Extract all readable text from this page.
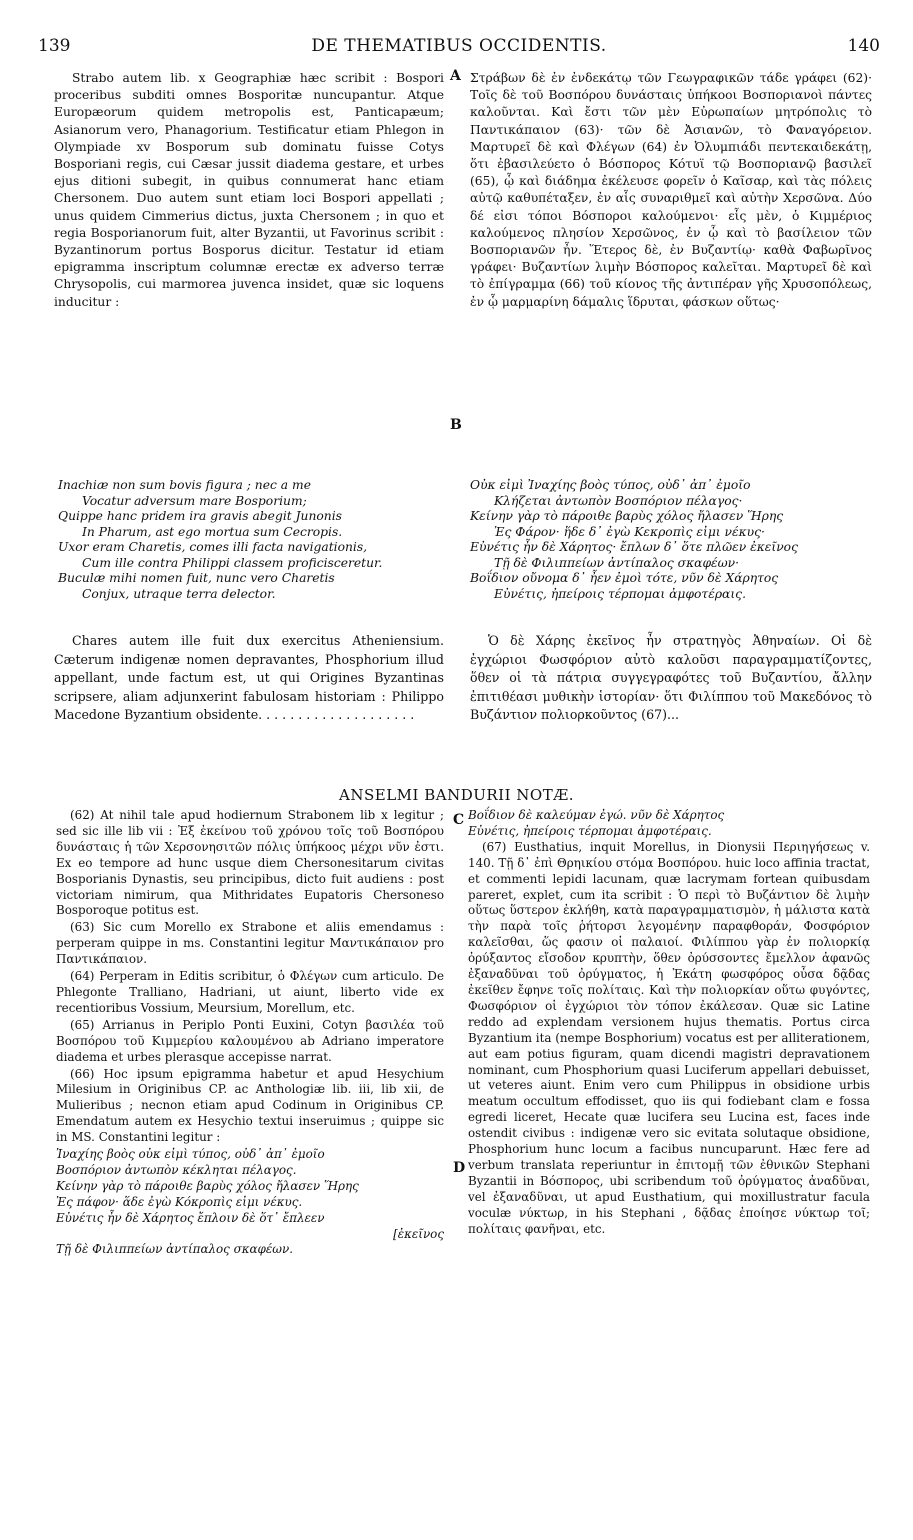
139	DE THEMATIBUS OCCIDENTIS.	140

Strabo autem lib. x Geographiæ hæc scribit : Bospori proceribus subditi omnes Bosporitæ nuncupantur. Atque Europæorum quidem metropolis est, Panticapæum; Asianorum vero, Phanagorium. Testificatur etiam Phlegon in Olympiade xv Bosporum sub dominatu fuisse Cotys Bosporiani regis, cui Cæsar jussit diadema gestare, et urbes ejus ditioni subegit, in quibus connumerat hanc etiam Chersonem. Duo autem sunt etiam loci Bospori appellati ; unus quidem Cimmerius dictus, juxta Chersonem ; in quo et regia Bosporianorum fuit, alter Byzantii, ut Favorinus scribit : Byzantinorum portus Bosporus dicitur. Testatur id etiam epigramma inscriptum columnæ erectæ ex adverso terræ Chrysopolis, cui marmorea juvenca insidet, quæ sic loquens inducitur :

A
B
C
D

Στράβων δὲ ἐν ἐνδεκάτῳ τῶν Γεωγραφικῶν τάδε γράφει (62)· Τοῖς δὲ τοῦ Βοσπόρου δυνάσταις ὑπήκοοι Βοσποριανοὶ πάντες καλοῦνται. Καὶ ἔστι τῶν μὲν Εὐρωπαίων μητρόπολις τὸ Παντικάπαιον (63)· τῶν δὲ Ἀσιανῶν, τὸ Φαναγόρειον. Μαρτυρεῖ δὲ καὶ Φλέγων (64) ἐν Ὀλυμπιάδι πεντεκαιδεκάτῃ, ὅτι ἐβασιλεύετο ὁ Βόσπορος Κότυϊ τῷ Βοσποριανῷ βασιλεῖ (65), ᾧ καὶ διάδημα ἐκέλευσε φορεῖν ὁ Καῖσαρ, καὶ τὰς πόλεις αὐτῷ καθυπέταξεν, ἐν αἷς συναριθμεῖ καὶ αὐτὴν Χερσῶνα. Δύο δέ εἰσι τόποι Βόσποροι καλούμενοι· εἷς μὲν, ὁ Κιμμέριος καλούμενος πλησίον Χερσῶνος, ἐν ᾧ καὶ τὸ βασίλειον τῶν Βοσποριανῶν ἦν. Ἕτερος δὲ, ἐν Βυζαντίῳ· καθὰ Φαβωρῖνος γράφει· Βυζαντίων λιμὴν Βόσπορος καλεῖται. Μαρτυρεῖ δὲ καὶ τὸ ἐπίγραμμα (66) τοῦ κίονος τῆς ἀντιπέραν γῆς Χρυσοπόλεως, ἐν ᾧ μαρμαρίνη δάμαλις ἵδρυται, φάσκων οὕτως·

Inachiæ non sum bovis figura ; nec a me
Vocatur adversum mare Bosporium;
Quippe hanc pridem ira gravis abegit Junonis
In Pharum, ast ego mortua sum Cecropis.
Uxor eram Charetis, comes illi facta navigationis,
Cum ille contra Philippi classem proficisceretur.
Buculæ mihi nomen fuit, nunc vero Charetis
Conjux, utraque terra delector.
Οὐκ εἰμὶ Ἰναχίης βοὸς τύπος, οὐδ᾽ ἀπ᾽ ἐμοῖο
Κλήζεται ἀντωπὸν Βοσπόριον πέλαγος·
Κείνην γὰρ τὸ πάροιθε βαρὺς χόλος ἤλασεν Ἥρης
Ἐς Φάρον· ἥδε δ᾽ ἐγὼ Κεκροπὶς εἰμι νέκυς·
Εὐνέτις ἦν δὲ Χάρητος· ἔπλων δ᾽ ὅτε πλῶεν ἐκεῖνος
Τῇ δὲ Φιλιππείων ἀντίπαλος σκαφέων·
Βοΐδιον οὔνομα δ᾽ ἦεν ἐμοὶ τότε, νῦν δὲ Χάρητος
Εὐνέτις, ἠπείροις τέρπομαι ἀμφοτέραις.

Chares autem ille fuit dux exercitus Atheniensium. Cæterum indigenæ nomen depravantes, Phosphorium illud appellant, unde factum est, ut qui Origines Byzantinas scripsere, aliam adjunxerint fabulosam historiam : Philippo Macedone Byzantium obsidente. . . . . . . . . . . . . . . . . . . .

Ὁ δὲ Χάρης ἐκεῖνος ἦν στρατηγὸς Ἀθηναίων. Οἱ δὲ ἐγχώριοι Φωσφόριον αὐτὸ καλοῦσι παραγραμματίζοντες, ὅθεν οἱ τὰ πάτρια συγγεγραφότες τοῦ Βυζαντίου, ἄλλην ἐπιτιθέασι μυθικὴν ἱστορίαν· ὅτι Φιλίππου τοῦ Μακεδόνος τὸ Βυζάντιον πολιορκοῦντος (67)...

ANSELMI BANDURII NOTÆ.

(62) At nihil tale apud hodiernum Strabonem lib x legitur ; sed sic ille lib vii : Ἐξ ἐκείνου τοῦ χρόνου τοῖς τοῦ Βοσπόρου δυνάσταις ἡ τῶν Χερσονησιτῶν πόλις ὑπήκοος μέχρι νῦν ἐστι. Ex eo tempore ad hunc usque diem Chersonesitarum civitas Bosporianis Dynastis, seu principibus, dicto fuit audiens : post victoriam nimirum, qua Mithridates Eupatoris Chersoneso Bosporoque potitus est.

(63) Sic cum Morello ex Strabone et aliis emendamus : perperam quippe in ms. Constantini legitur Μαντικάπαιον pro Παντικάπαιον.

(64) Perperam in Editis scribitur, ὁ Φλέγων cum articulo. De Phlegonte Tralliano, Hadriani, ut aiunt, liberto vide ex recentioribus Vossium, Meursium, Morellum, etc.

(65) Arrianus in Periplo Ponti Euxini, Cotyn βασιλέα τοῦ Βοσπόρου τοῦ Κιμμερίου καλουμένου ab Adriano imperatore diadema et urbes plerasque accepisse narrat.

(66) Hoc ipsum epigramma habetur et apud Hesychium Milesium in Originibus CP. ac Anthologiæ lib. iii, lib xii, de Mulieribus ; necnon etiam apud Codinum in Originibus CP. Emendatum autem ex Hesychio textui inseruimus ; quippe sic in MS. Constantini legitur :

Ἰναχίης βοὸς οὐκ εἰμὶ τύπος, οὐδ᾽ ἀπ᾽ ἐμοῖο
Βοσπόριον ἀντωπὸν κέκληται πέλαγος.
Κείνην γὰρ τὸ πάροιθε βαρὺς χόλος ἤλασεν Ἥρης
Ἐς πάφον· ἅδε ἐγὼ Κόκροπὶς εἰμι νέκυς.
Εὐνέτις ἦν δὲ Χάρητος ἔπλοιν δὲ ὅτ᾽ ἔπλεεν
[ἐκεῖνος
Τῇ δὲ Φιλιππείων ἀντίπαλος σκαφέων.
Βοΐδιον δὲ καλεύμαν ἐγώ. νῦν δὲ Χάρητος
Εὐνέτις, ἠπείροις τέρπομαι ἀμφοτέραις.

(67) Eusthatius, inquit Morellus, in Dionysii Περιηγήσεως v. 140. Τῇ δ᾽ ἐπὶ Θρηικίου στόμα Βοσπόρου. huic loco affinia tractat, et commenti lepidi lacunam, quæ lacrymam fortean quibusdam pareret, explet, cum ita scribit : Ὁ περὶ τὸ Βυζάντιον δὲ λιμὴν οὕτως ὕστερον ἐκλήθη, κατὰ παραγραμματισμὸν, ἡ μάλιστα κατὰ τὴν παρὰ τοῖς ῥήτορσι λεγομένην παραφθοράν, Φοσφόριον καλεῖσθαι, ὥς φασιν οἱ παλαιοί. Φιλίππου γὰρ ἐν πολιορκίᾳ ὀρύξαντος εἴσοδον κρυπτὴν, ὅθεν ὀρύσσοντες ἔμελλον ἀφανῶς ἐξαναδῦναι τοῦ ὀρύγματος, ἡ Ἑκάτη φωσφόρος οὖσα δᾷδας ἐκεῖθεν ἔφηνε τοῖς πολίταις. Καὶ τὴν πολιορκίαν οὕτω φυγόντες, Φωσφόριον οἱ ἐγχώριοι τὸν τόπον ἐκάλεσαν. Quæ sic Latine reddo ad explendam versionem hujus thematis. Portus circa Byzantium ita (nempe Bosphorium) vocatus est per alliterationem, aut eam potius figuram, quam dicendi magistri depravationem nominant, cum Phosphorium quasi Luciferum appellari debuisset, ut veteres aiunt. Enim vero cum Philippus in obsidione urbis meatum occultum effodisset, quo iis qui fodiebant clam e fossa egredi liceret, Hecate quæ lucifera seu Lucina est, faces inde ostendit civibus : indigenæ vero sic evitata solutaque obsidione, Phosphorium hunc locum a facibus nuncuparunt. Hæc fere ad verbum translata reperiuntur in ἐπιτομῇ τῶν ἐθνικῶν Stephani Byzantii in Βόσπορος, ubi scribendum τοῦ ὀρύγματος ἀναδῦναι, vel ἐξαναδῦναι, ut apud Eusthatium, qui moxillustratur facula voculæ νύκτωρ, in his Stephani , δᾷδας ἐποίησε νύκτωρ τοῖ; πολίταις φανῆναι, etc.
